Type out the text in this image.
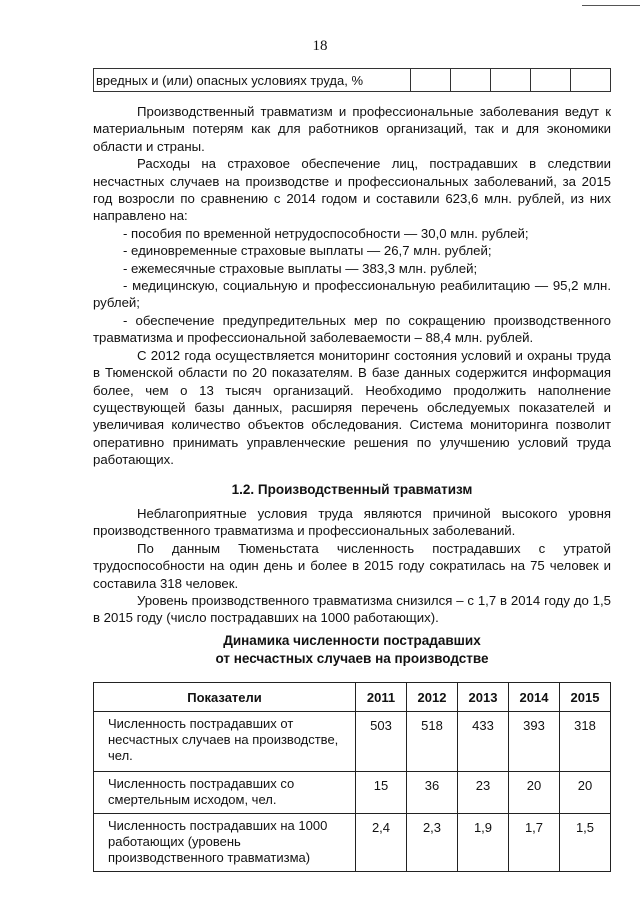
18
вредных и (или) опасных условиях труда, %					

Производственный травматизм и профессиональные заболевания ведут к материальным потерям как для работников организаций, так и для экономики области и страны.

Расходы на страховое обеспечение лиц, пострадавших в следствии несчастных случаев на производстве и профессиональных заболеваний, за 2015 год возросли по сравнению с 2014 годом и составили 623,6 млн. рублей, из них направлено на:

- пособия по временной нетрудоспособности — 30,0 млн. рублей;

- единовременные страховые выплаты — 26,7 млн. рублей;

- ежемесячные страховые выплаты — 383,3 млн. рублей;

- медицинскую, социальную и профессиональную реабилитацию — 95,2 млн. рублей;

- обеспечение предупредительных мер по сокращению производственного травматизма и профессиональной заболеваемости – 88,4 млн. рублей.

С 2012 года осуществляется мониторинг состояния условий и охраны труда в Тюменской области по 20 показателям. В базе данных содержится информация более, чем о 13 тысяч организаций. Необходимо продолжить наполнение существующей базы данных, расширяя перечень обследуемых показателей и увеличивая количество объектов обследования. Система мониторинга позволит оперативно принимать управленческие решения по улучшению условий труда работающих.

1.2. Производственный травматизм

Неблагоприятные условия труда являются причиной высокого уровня производственного травматизма и профессиональных заболеваний.

По данным Тюменьстата численность пострадавших с утратой трудоспособности на один день и более в 2015 году сократилась на 75 человек и составила 318 человек.

Уровень производственного травматизма снизился – с 1,7 в 2014 году до 1,5 в 2015 году (число пострадавших на 1000 работающих).

Динамика численности пострадавших
от несчастных случаев на производстве
Показатели	2011	2012	2013	2014	2015
Численность пострадавших от несчастных случаев на производстве, чел.	503	518	433	393	318
Численность пострадавших со смертельным исходом, чел.	15	36	23	20	20
Численность пострадавших на 1000 работающих (уровень производственного травматизма)	2,4	2,3	1,9	1,7	1,5
